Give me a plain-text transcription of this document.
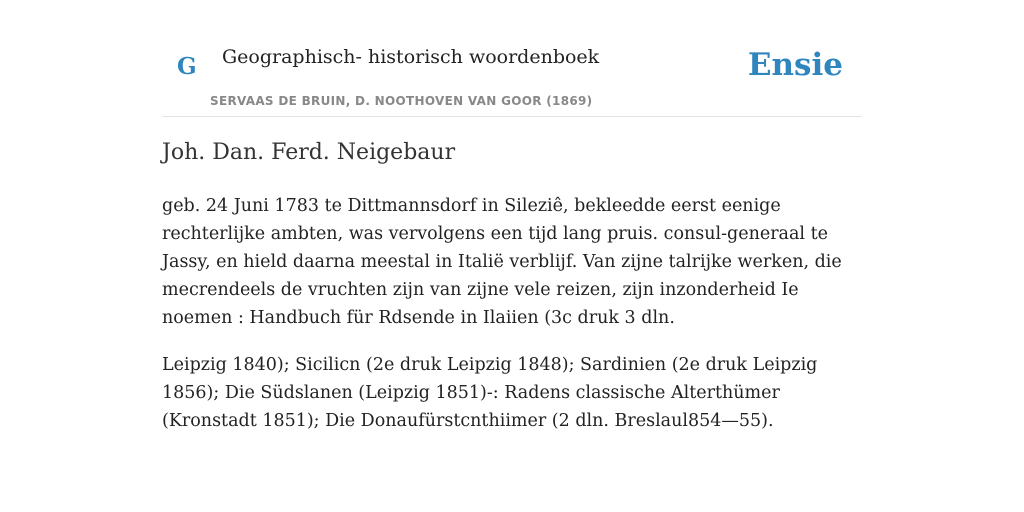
G Geographisch- historisch woordenboek
SERVAAS DE BRUIN, D. NOOTHOVEN VAN GOOR (1869)
Ensie
Joh. Dan. Ferd. Neigebaur

geb. 24 Juni 1783 te Dittmannsdorf in Sileziê, bekleedde eerst eenige rechterlijke ambten, was vervolgens een tijd lang pruis. consul-generaal te Jassy, en hield daarna meestal in Italië verblijf. Van zijne talrijke werken, die mecrendeels de vruchten zijn van zijne vele reizen, zijn inzonderheid Ie noemen : Handbuch für Rdsende in Ilaiien (3c druk 3 dln.

Leipzig 1840); Sicilicn (2e druk Leipzig 1848); Sardinien (2e druk Leipzig 1856); Die Südslanen (Leipzig 1851)-: Radens classische Alterthümer (Kronstadt 1851); Die Donaufürstcnthiimer (2 dln. Breslaul854—55).
